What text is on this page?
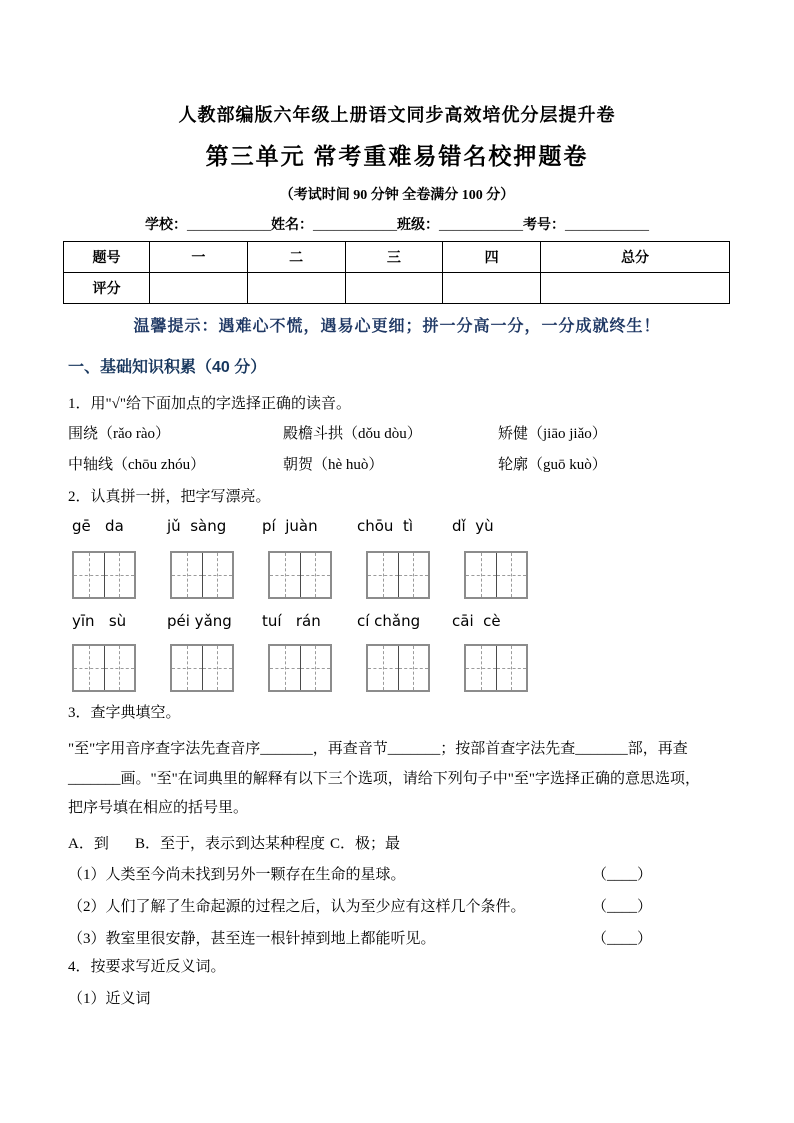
人教部编版六年级上册语文同步高效培优分层提升卷
第三单元 常考重难易错名校押题卷
（考试时间 90 分钟 全卷满分 100 分）
学校：____________姓名：____________班级：____________考号：____________
题号	一	二	三	四	总分
评分					
温馨提示：遇难心不慌，遇易心更细；拼一分高一分，一分成就终生！
一、基础知识积累（40 分）
1．用"√"给下面加点的字选择正确的读音。
围绕（rǎo rào）	殿檐斗拱（dǒu dòu）	矫健（jiāo jiǎo）
中轴线（chōu zhóu）	朝贺（hè huò）	轮廓（guō kuò）
2．认真拼一拼，把字写漂亮。
gē   da	jǔ  sàng	pí  juàn	chōu  tì	dǐ  yù
yīn   sù	péi yǎng	tuí   rán	cí chǎng	cāi  cè
3．查字典填空。
"至"字用音序查字法先查音序_______，再查音节_______；按部首查字法先查_______部，再查
_______画。"至"在词典里的解释有以下三个选项，请给下列句子中"至"字选择正确的意思选项，
把序号填在相应的括号里。
A．到	B．至于，表示到达某种程度 C．极；最
（1）人类至今尚未找到另外一颗存在生命的星球。	（____）
（2）人们了解了生命起源的过程之后，认为至少应有这样几个条件。	（____）
（3）教室里很安静，甚至连一根针掉到地上都能听见。	（____）
4．按要求写近反义词。
（1）近义词
